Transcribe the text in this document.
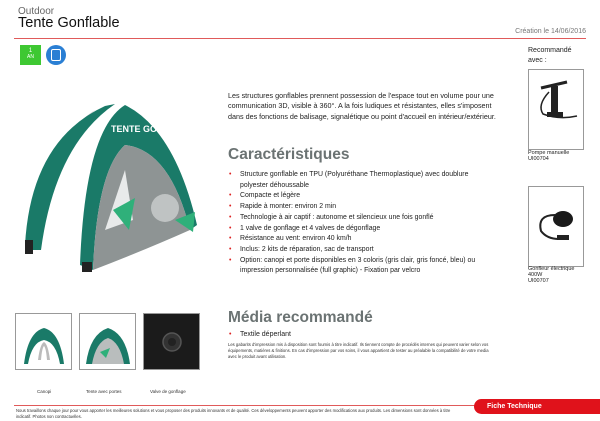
Outdoor
Tente Gonflable
Création le 14/06/2016
1
AN
TENTE GONFLABLE
Les structures gonflables prennent possession de l'espace tout en volume pour une communication 3D, visible à 360°. A la fois ludiques et résistantes, elles s'imposent dans des fonctions de balisage, signalétique ou point d'accueil en intérieur/extérieur.
Caractéristiques
• Structure gonflable en TPU (Polyuréthane Thermoplastique) avec doublure polyester déhoussable
• Compacte et légère
• Rapide à monter: environ 2 min
• Technologie à air captif : autonome et silencieux une fois gonflé
• 1 valve de gonflage et 4 valves de dégonflage
• Résistance au vent: environ 40 km/h
• Inclus: 2 kits de réparation, sac de transport
• Option: canopi et porte disponibles en 3 coloris (gris clair, gris foncé, bleu) ou impression personnalisée (full graphic) - Fixation par velcro
Média recommandé
• Textile déperlant
Les gabarits d'impression mis à disposition sont fournis à titre indicatif. Ils tiennent compte de procédés internes qui peuvent varier selon vos équipements, matières & finitions. En cas d'impression par vos soins, il vous appartient de tester au préalable la compatibilité de votre media avec le produit avant utilisation.
Recommandé avec :
Pompe manuelle
UI00704
Gonfleur électrique 400W
UI00707
Canopi	Tente avec portes	Valve de gonflage
Nous travaillons chaque jour pour vous apporter les meilleures solutions et vous proposer des produits innovants et de qualité. Ces développements peuvent apporter des modifications aux produits. Les dimensions sont données à titre indicatif. Photos non contractuelles.
Fiche Technique
